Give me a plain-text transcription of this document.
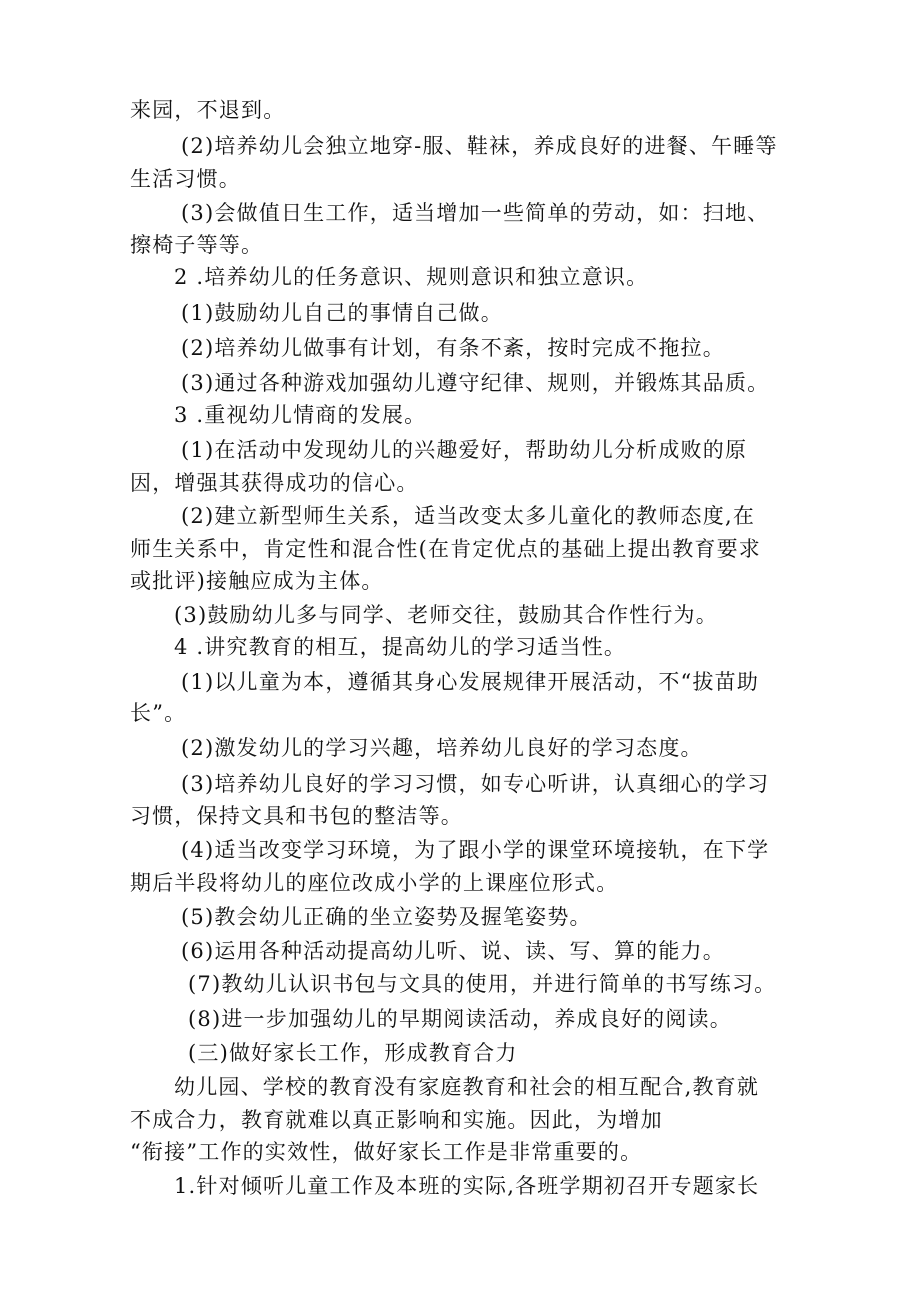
来园，不退到。
(2)培养幼儿会独立地穿-服、鞋袜，养成良好的进餐、午睡等
生活习惯。
(3)会做值日生工作，适当增加一些简单的劳动，如：扫地、
擦椅子等等。
2 .培养幼儿的任务意识、规则意识和独立意识。
(1)鼓励幼儿自己的事情自己做。
(2)培养幼儿做事有计划，有条不紊，按时完成不拖拉。
(3)通过各种游戏加强幼儿遵守纪律、规则，并锻炼其品质。
3 .重视幼儿情商的发展。
(1)在活动中发现幼儿的兴趣爱好，帮助幼儿分析成败的原
因，增强其获得成功的信心。
(2)建立新型师生关系，适当改变太多儿童化的教师态度,在
师生关系中，肯定性和混合性(在肯定优点的基础上提出教育要求
或批评)接触应成为主体。
(3)鼓励幼儿多与同学、老师交往，鼓励其合作性行为。
4 .讲究教育的相互，提高幼儿的学习适当性。
(1)以儿童为本，遵循其身心发展规律开展活动，不“拔苗助
长”。
(2)激发幼儿的学习兴趣，培养幼儿良好的学习态度。
(3)培养幼儿良好的学习习惯，如专心听讲，认真细心的学习
习惯，保持文具和书包的整洁等。
(4)适当改变学习环境，为了跟小学的课堂环境接轨，在下学
期后半段将幼儿的座位改成小学的上课座位形式。
(5)教会幼儿正确的坐立姿势及握笔姿势。
(6)运用各种活动提高幼儿听、说、读、写、算的能力。
(7)教幼儿认识书包与文具的使用，并进行简单的书写练习。
(8)进一步加强幼儿的早期阅读活动，养成良好的阅读。
(三)做好家长工作，形成教育合力
幼儿园、学校的教育没有家庭教育和社会的相互配合,教育就
不成合力，教育就难以真正影响和实施。因此，为增加
“衔接”工作的实效性，做好家长工作是非常重要的。
1.针对倾听儿童工作及本班的实际,各班学期初召开专题家长
